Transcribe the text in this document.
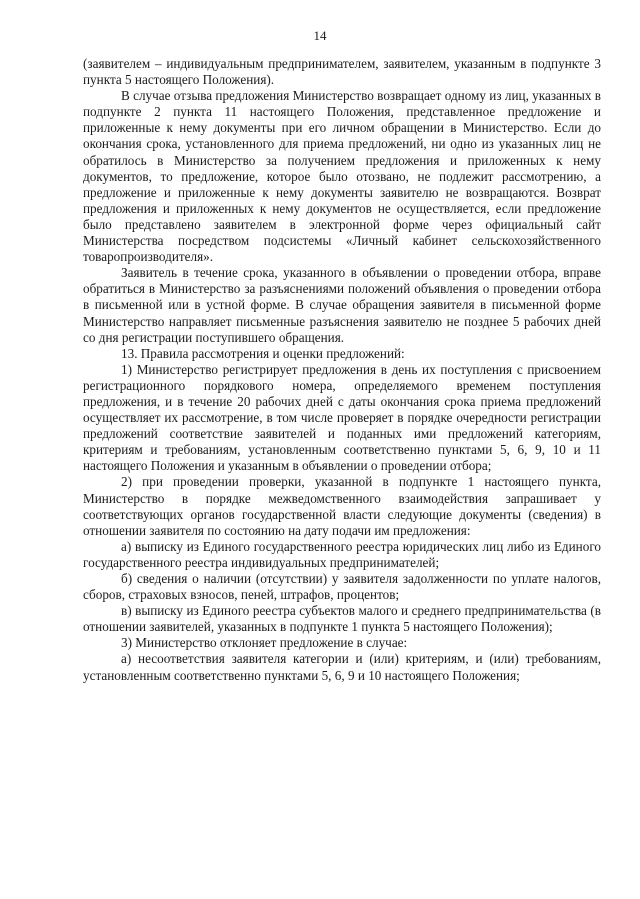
14

(заявителем – индивидуальным предпринимателем, заявителем, указанным в подпункте 3 пункта 5 настоящего Положения).

В случае отзыва предложения Министерство возвращает одному из лиц, указанных в подпункте 2 пункта 11 настоящего Положения, представленное предложение и приложенные к нему документы при его личном обращении в Министерство. Если до окончания срока, установленного для приема предложений, ни одно из указанных лиц не обратилось в Министерство за получением предложения и приложенных к нему документов, то предложение, которое было отозвано, не подлежит рассмотрению, а предложение и приложенные к нему документы заявителю не возвращаются. Возврат предложения и приложенных к нему документов не осуществляется, если предложение было представлено заявителем в электронной форме через официальный сайт Министерства посредством подсистемы «Личный кабинет сельскохозяйственного товаропроизводителя».

Заявитель в течение срока, указанного в объявлении о проведении отбора, вправе обратиться в Министерство за разъяснениями положений объявления о проведении отбора в письменной или в устной форме. В случае обращения заявителя в письменной форме Министерство направляет письменные разъяснения заявителю не позднее 5 рабочих дней со дня регистрации поступившего обращения.

13. Правила рассмотрения и оценки предложений:

1) Министерство регистрирует предложения в день их поступления с присвоением регистрационного порядкового номера, определяемого временем поступления предложения, и в течение 20 рабочих дней с даты окончания срока приема предложений осуществляет их рассмотрение, в том числе проверяет в порядке очередности регистрации предложений соответствие заявителей и поданных ими предложений категориям, критериям и требованиям, установленным соответственно пунктами 5, 6, 9, 10 и 11 настоящего Положения и указанным в объявлении о проведении отбора;

2) при проведении проверки, указанной в подпункте 1 настоящего пункта, Министерство в порядке межведомственного взаимодействия запрашивает у соответствующих органов государственной власти следующие документы (сведения) в отношении заявителя по состоянию на дату подачи им предложения:

а) выписку из Единого государственного реестра юридических лиц либо из Единого государственного реестра индивидуальных предпринимателей;

б) сведения о наличии (отсутствии) у заявителя задолженности по уплате налогов, сборов, страховых взносов, пеней, штрафов, процентов;

в) выписку из Единого реестра субъектов малого и среднего предпринимательства (в отношении заявителей, указанных в подпункте 1 пункта 5 настоящего Положения);

3) Министерство отклоняет предложение в случае:

а) несоответствия заявителя категории и (или) критериям, и (или) требованиям, установленным соответственно пунктами 5, 6, 9 и 10 настоящего Положения;
